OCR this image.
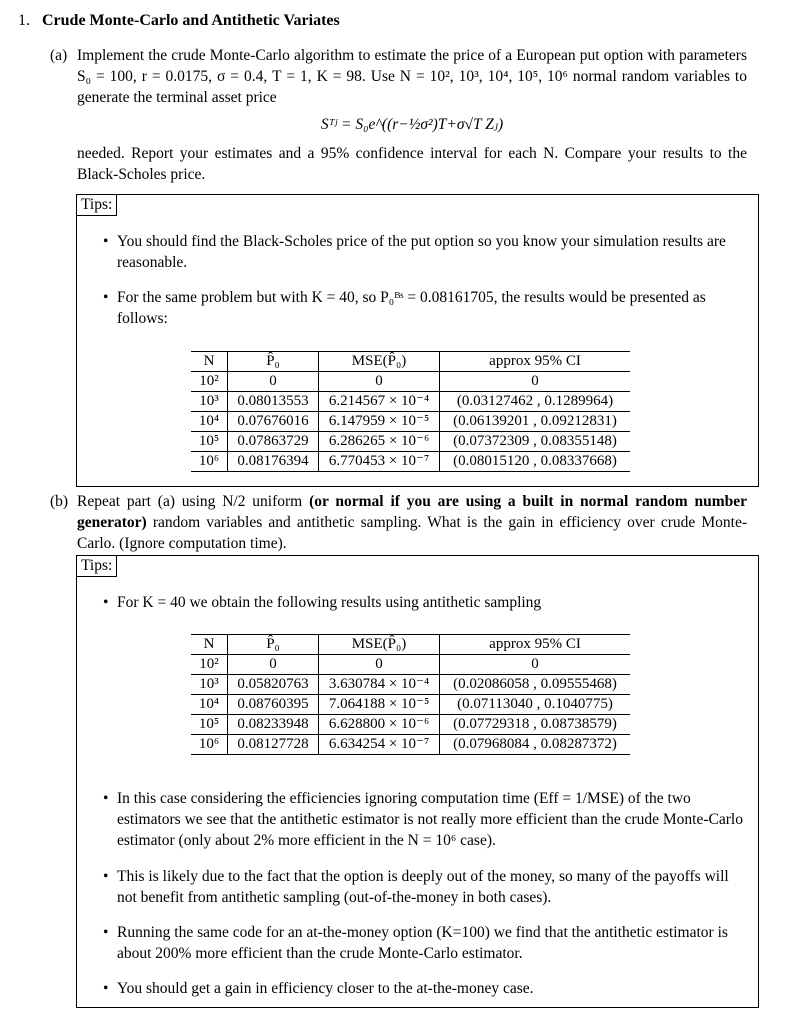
1. Crude Monte-Carlo and Antithetic Variates
(a) Implement the crude Monte-Carlo algorithm to estimate the price of a European put option with parameters S₀ = 100, r = 0.0175, σ = 0.4, T = 1, K = 98. Use N = 10², 10³, 10⁴, 10⁵, 10⁶ normal random variables to generate the terminal asset price
Sᵀʲ = S₀e^((r−½σ²)T+σ√T Zⱼ)
needed. Report your estimates and a 95% confidence interval for each N. Compare your results to the Black-Scholes price.
Tips:
• You should find the Black-Scholes price of the put option so you know your simulation results are reasonable.
• For the same problem but with K = 40, so P₀ᴮˢ = 0.08161705, the results would be presented as follows:
N	P̂₀	MSE(P̂₀)	approx 95% CI
10²	0	0	0
10³	0.08013553	6.214567 × 10⁻⁴	(0.03127462 , 0.1289964)
10⁴	0.07676016	6.147959 × 10⁻⁵	(0.06139201 , 0.09212831)
10⁵	0.07863729	6.286265 × 10⁻⁶	(0.07372309 , 0.08355148)
10⁶	0.08176394	6.770453 × 10⁻⁷	(0.08015120 , 0.08337668)
(b) Repeat part (a) using N/2 uniform (or normal if you are using a built in normal random number generator) random variables and antithetic sampling. What is the gain in efficiency over crude Monte-Carlo. (Ignore computation time).
Tips:
• For K = 40 we obtain the following results using antithetic sampling
N	P̂₀	MSE(P̂₀)	approx 95% CI
10²	0	0	0
10³	0.05820763	3.630784 × 10⁻⁴	(0.02086058 , 0.09555468)
10⁴	0.08760395	7.064188 × 10⁻⁵	(0.07113040 , 0.1040775)
10⁵	0.08233948	6.628800 × 10⁻⁶	(0.07729318 , 0.08738579)
10⁶	0.08127728	6.634254 × 10⁻⁷	(0.07968084 , 0.08287372)
• In this case considering the efficiencies ignoring computation time (Eff = 1/MSE) of the two estimators we see that the antithetic estimator is not really more efficient than the crude Monte-Carlo estimator (only about 2% more efficient in the N = 10⁶ case).
• This is likely due to the fact that the option is deeply out of the money, so many of the payoffs will not benefit from antithetic sampling (out-of-the-money in both cases).
• Running the same code for an at-the-money option (K=100) we find that the antithetic estimator is about 200% more efficient than the crude Monte-Carlo estimator.
• You should get a gain in efficiency closer to the at-the-money case.
